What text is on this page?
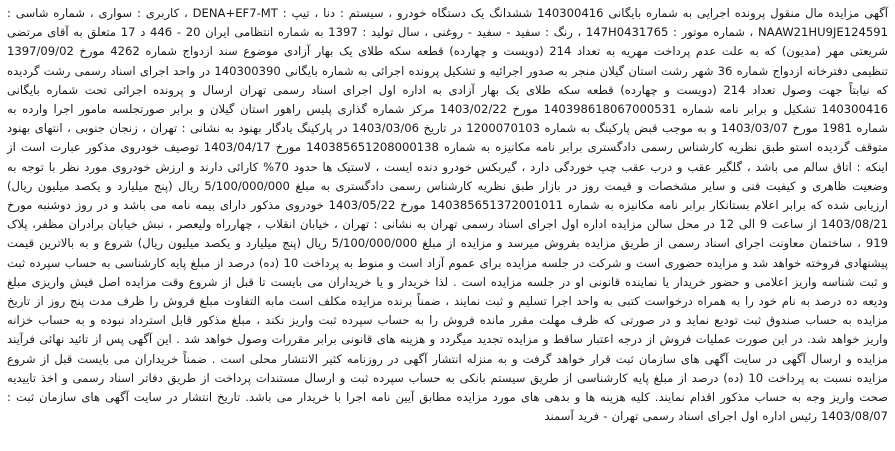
آگهی مزایده مال منقول پرونده اجرایی به شماره بایگانی 140300416 ششدانگ یک دستگاه خودرو ، سیستم : دنا ، تیپ : DENA+EF7-MT ، کاربری : سواری ، شماره شاسی : NAAW21HU9JE124591 ، شماره موتور : 147H0431765 ، رنگ : سفید - سفید - روغنی ، سال تولید : 1397 به شماره انتظامی ایران 20 - 446 د 17 متعلق به آقای مرتضی شریعتی مهر (مدیون) که به علت عدم پرداخت مهریه به تعداد 214 (دویست و چهارده) قطعه سکه طلای یک بهار آزادی موضوع سند ازدواج شماره 4262 مورخ 1397/09/02 تنظیمی دفترخانه ازدواج شماره 36 شهر رشت استان گیلان منجر به صدور اجرائیه و تشکیل پرونده اجرائی به شماره بایگانی 140300390 در واحد اجرای اسناد رسمی رشت گردیده که نیابتاً جهت وصول تعداد 214 (دویست و چهارده) قطعه سکه طلای یک بهار آزادی به اداره اول اجرای اسناد رسمی تهران ارسال و پرونده اجرائی تحت شماره بایگانی 140300416 تشکیل و برابر نامه شماره 140398618067000531 مورخ 1403/02/22 مرکز شماره گذاری پلیس راهور استان گیلان و برابر صورتجلسه مامور اجرا وارده به شماره 1981 مورخ 1403/03/07 و به موجب قبض پارکینگ به شماره 1200070103 در تاریخ 1403/03/06 در پارکینگ یادگار بهنود به نشانی : تهران ، زنجان جنوبی ، انتهای بهنود متوقف گردیده استو طبق نظریه کارشناس رسمی دادگستری برابر نامه مکانیزه به شماره 140385651208000138 مورخ 1403/04/17 توصیف خودروی مذکور عبارت است از اینکه : اتاق سالم می باشد ، گلگیر عقب و درب عقب چپ خوردگی دارد ، گیربکس خودرو دنده ایست ، لاستیک ها حدود 70% کارائی دارند و ارزش خودروی مورد نظر با توجه به وضعیت ظاهری و کیفیت فنی و سایر مشخصات و قیمت روز در بازار طبق نظریه کارشناس رسمی دادگستری به مبلغ 5/100/000/000 ریال (پنج میلیارد و یکصد میلیون ریال) ارزیابی شده که برابر اعلام بستانکار برابر نامه مکانیزه به شماره 140385651372001011 مورخ 1403/05/22 خودروی مذکور دارای بیمه نامه می باشد و در روز دوشنبه مورخ 1403/08/21 از ساعت 9 الی 12 در محل سالن مزایده اداره اول اجرای اسناد رسمی تهران به نشانی : تهران ، خیابان انقلاب ، چهارراه ولیعصر ، نبش خیابان برادران مظفر، پلاک 919 ، ساختمان معاونت اجرای اسناد رسمی از طریق مزایده بفروش میرسد و مزایده از مبلغ 5/100/000/000 ریال (پنج میلیارد و یکصد میلیون ریال) شروع و به بالاترین قیمت پیشنهادی فروخته خواهد شد و مزایده حضوری است و شرکت در جلسه مزایده برای عموم آزاد است و منوط به پرداخت 10 (ده) درصد از مبلغ پایه کارشناسی به حساب سپرده ثبت و ثبت شناسه واریز اعلامی و حضور خریدار یا نماینده قانونی او در جلسه مزایده است . لذا خریدار و یا خریداران می بایست تا قبل از شروع وقت مزایده اصل فیش واریزی مبلغ ودیعه ده درصد به نام خود را به همراه درخواست کتبی به واحد اجرا تسلیم و ثبت نمایند ، ضمناً برنده مزایده مکلف است مابه التفاوت مبلغ فروش را ظرف مدت پنج روز از تاریخ مزایده به حساب صندوق ثبت تودیع نماید و در صورتی که ظرف مهلت مقرر مانده فروش را به حساب سپرده ثبت واریز نکند ، مبلغ مذکور قابل استرداد نبوده و به حساب خزانه واریز خواهد شد. در این صورت عملیات فروش از درجه اعتبار ساقط و مزایده تجدید میگردد و هزینه های قانونی برابر مقررات وصول خواهد شد . این آگهی پس از تائید نهائی فرآیند مزایده و ارسال آگهی در سایت آگهی های سازمان ثبت قرار خواهد گرفت و به منزله انتشار آگهی در روزنامه کثیر الانتشار محلی است . ضمناً خریداران می بایست قبل از شروع مزایده نسبت به پرداخت 10 (ده) درصد از مبلغ پایه کارشناسی از طریق سیستم بانکی به حساب سپرده ثبت و ارسال مستندات پرداخت از طریق دفاتر اسناد رسمی و اخذ تاییدیه صحت واریز وجه به حساب مذکور اقدام نمایند. کلیه هزینه ها و بدهی های مورد مزایده مطابق آیین نامه اجرا با خریدار می باشد. تاریخ انتشار در سایت آگهی های سازمان ثبت : 1403/08/07 رئیس اداره اول اجرای اسناد رسمی تهران - فرید آسمند
